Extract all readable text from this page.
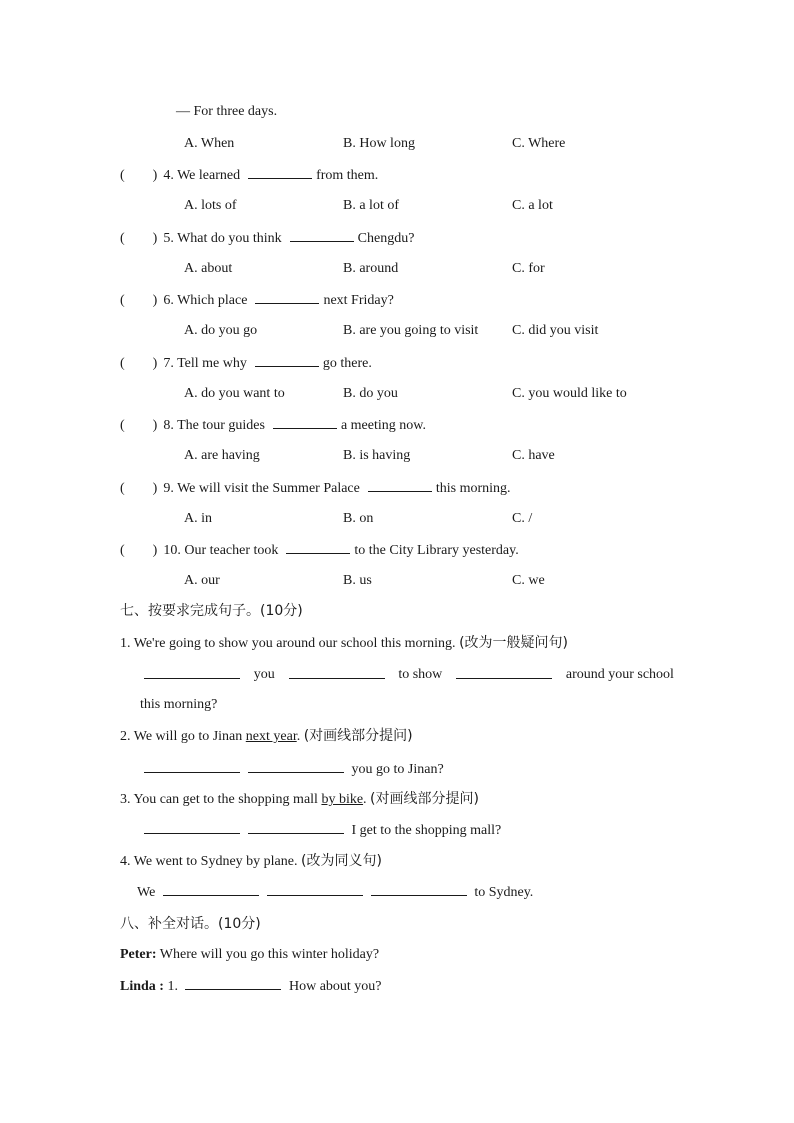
— For three days.
A. When	B. How long	C. Where
(        ) 4. We learned	from them.
A. lots of	B. a lot of	C. a lot
(        ) 5. What do you think	Chengdu?
A. about	B. around	C. for
(        ) 6. Which place	next Friday?
A. do you go	B. are you going to visit C. did you visit
(        ) 7. Tell me why	go there.
A. do you want to	B. do you	C. you would like to
(        ) 8. The tour guides	a meeting now.
A. are having	B. is having	C. have
(        ) 9. We will visit the Summer Palace	this morning.
A. in	B. on	C. /
(        ) 10. Our teacher took	to the City Library yesterday.
A. our	B. us	C. we
七、按要求完成句子。(10分)
1. We're going to show you around our school this morning. (改为一般疑问句)
you	to show	around your school
this morning?
2. We will go to Jinan next year. (对画线部分提问)
you go to Jinan?
3. You can get to the shopping mall by bike. (对画线部分提问)
I get to the shopping mall?
4. We went to Sydney by plane. (改为同义句)
We	to Sydney.
八、补全对话。(10分)
Peter: Where will you go this winter holiday?
Linda : 1.	How about you?
